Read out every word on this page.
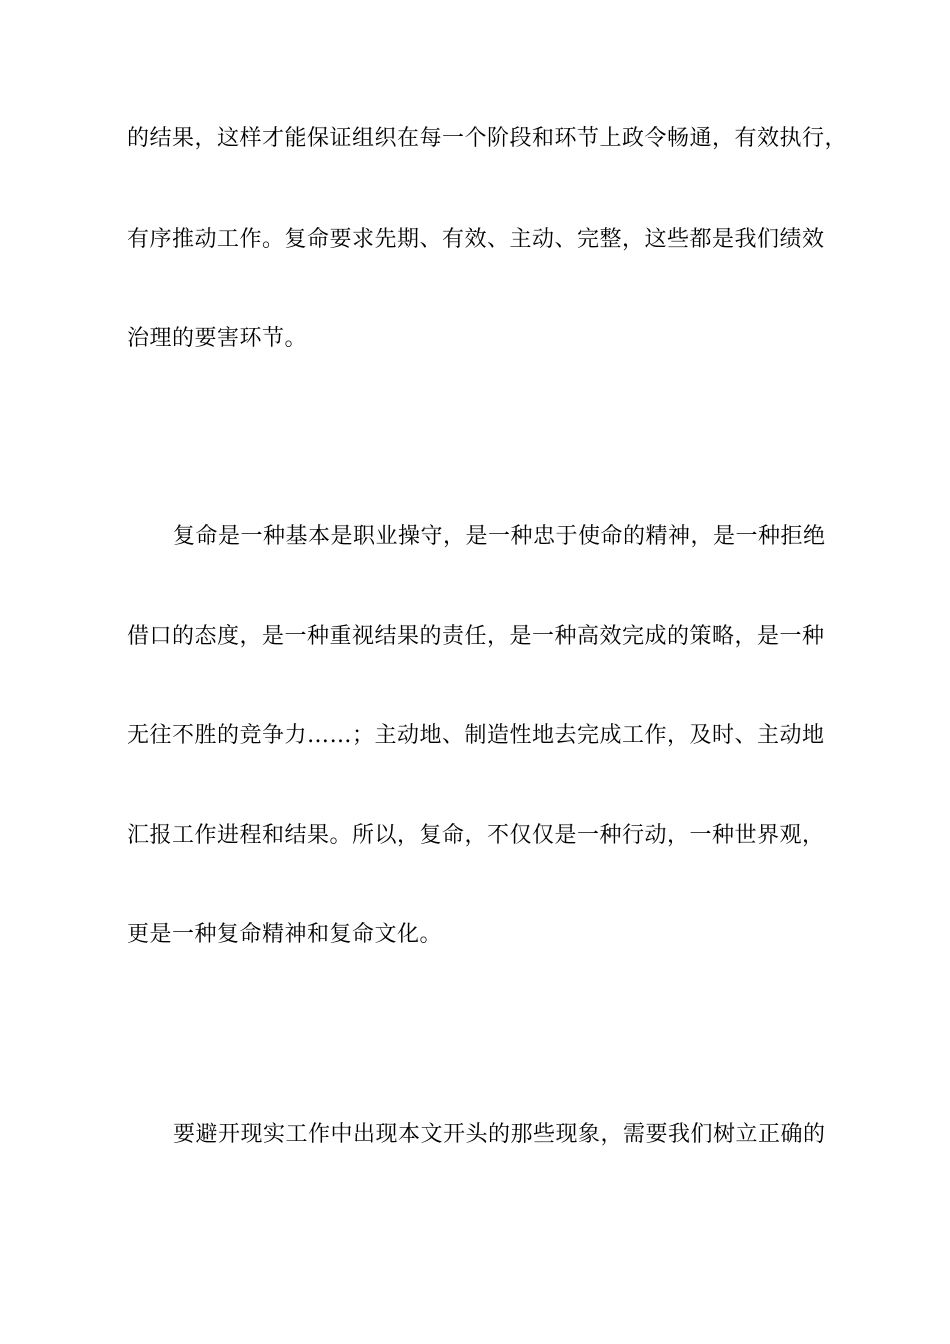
的结果，这样才能保证组织在每一个阶段和环节上政令畅通，有效执行，
有序推动工作。复命要求先期、有效、主动、完整，这些都是我们绩效
治理的要害环节。
复命是一种基本是职业操守，是一种忠于使命的精神，是一种拒绝
借口的态度，是一种重视结果的责任，是一种高效完成的策略，是一种
无往不胜的竞争力……；主动地、制造性地去完成工作，及时、主动地
汇报工作进程和结果。所以，复命，不仅仅是一种行动，一种世界观，
更是一种复命精神和复命文化。
要避开现实工作中出现本文开头的那些现象，需要我们树立正确的
